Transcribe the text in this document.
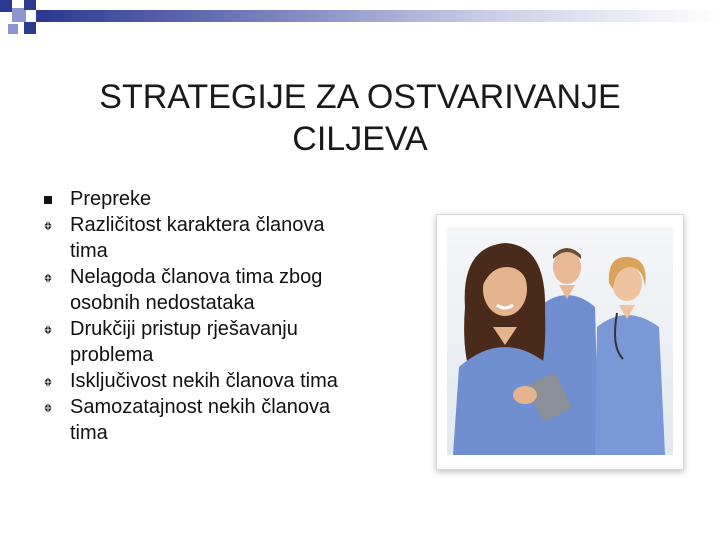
STRATEGIJE ZA OSTVARIVANJE
CILJEVA
Prepreke
Različitost karaktera članova tima
Nelagoda članova tima zbog osobnih nedostataka
Drukčiji pristup rješavanju problema
Isključivost nekih članova tima
Samozatajnost nekih članova tima
